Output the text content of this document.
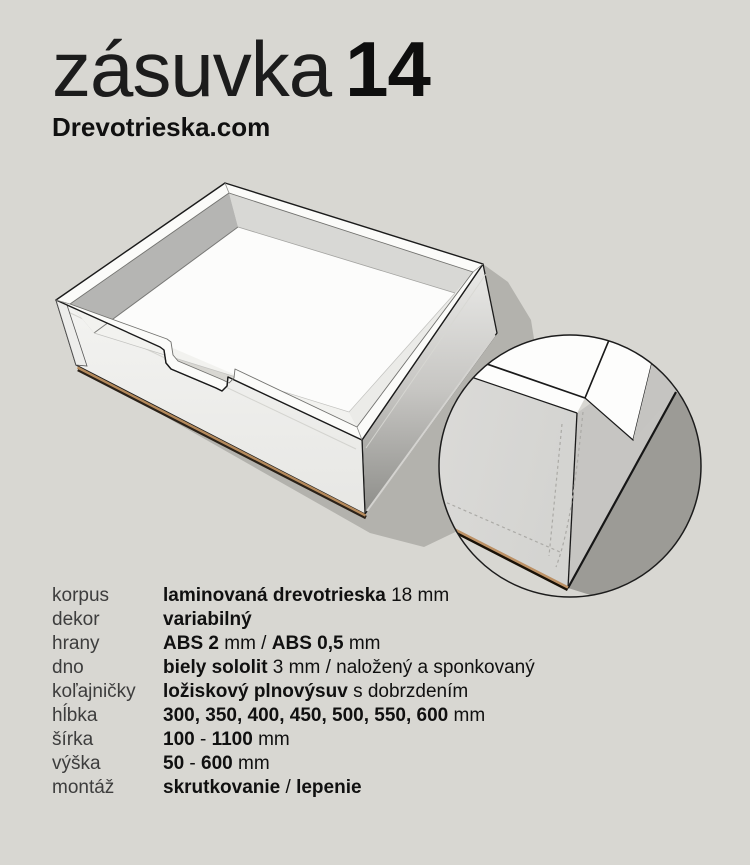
zásuvka 14
Drevotrieska.com
korpus	laminovaná drevotrieska 18 mm
dekor	variabilný
hrany	ABS 2 mm / ABS 0,5 mm
dno	biely sololit 3 mm / naložený a sponkovaný
koľajničky	ložiskový plnovýsuv s dobrzdením
hĺbka	300, 350, 400, 450, 500, 550, 600 mm
šírka	100 - 1100 mm
výška	50 - 600 mm
montáž	skrutkovanie / lepenie
